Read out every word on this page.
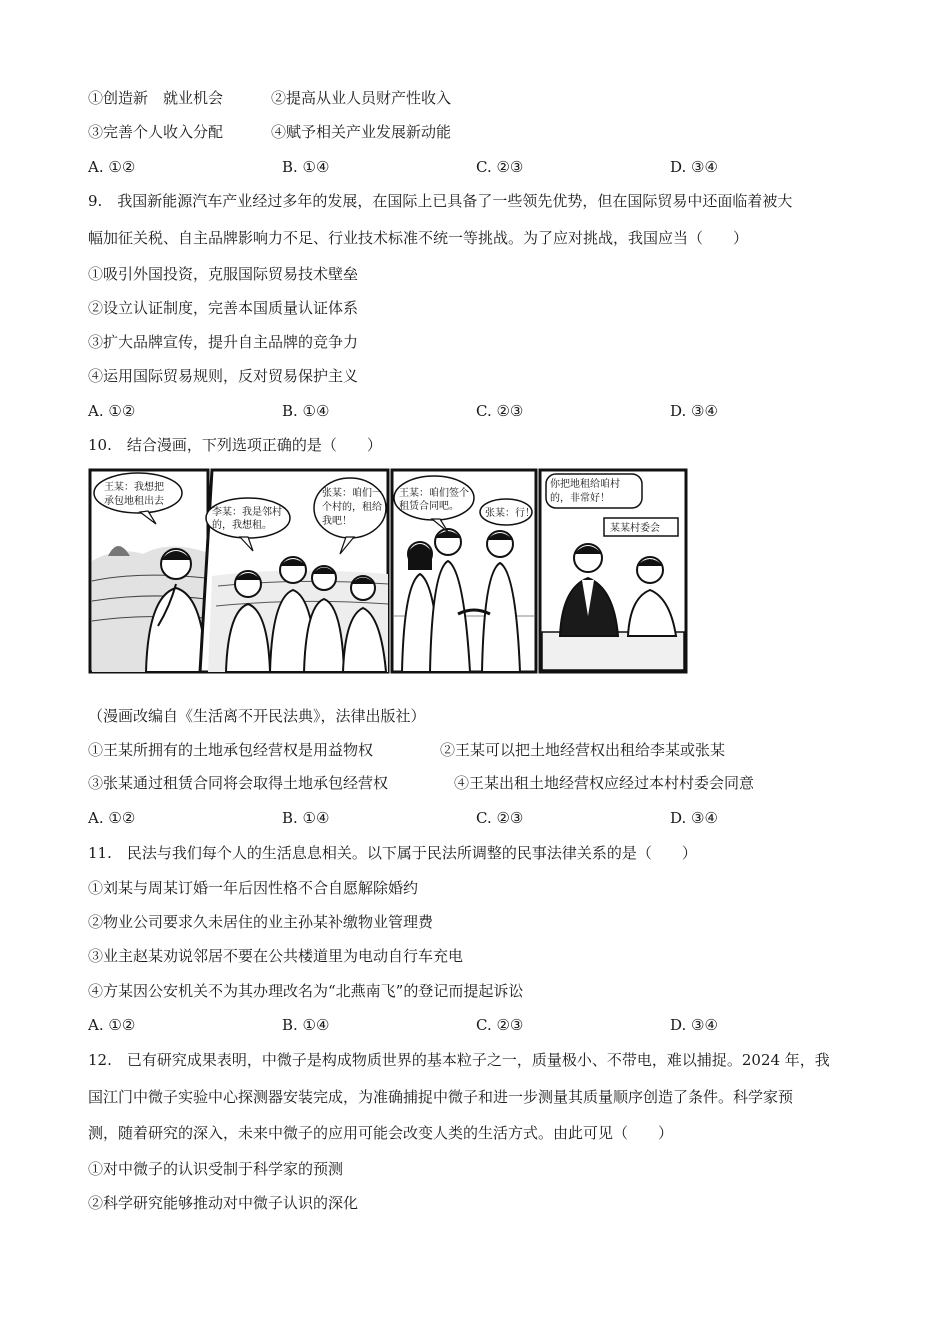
①创造新　就业机会	②提高从业人员财产性收入
③完善个人收入分配	④赋予相关产业发展新动能
A. ①②	B. ①④	C. ②③	D. ③④
9.　我国新能源汽车产业经过多年的发展，在国际上已具备了一些领先优势，但在国际贸易中还面临着被大
幅加征关税、自主品牌影响力不足、行业技术标准不统一等挑战。为了应对挑战，我国应当（　　）
①吸引外国投资，克服国际贸易技术壁垒
②设立认证制度，完善本国质量认证体系
③扩大品牌宣传，提升自主品牌的竞争力
④运用国际贸易规则，反对贸易保护主义
A. ①②	B. ①④	C. ②③	D. ③④
10.　结合漫画，下列选项正确的是（　　）
王某：我想把
承包地租出去
李某：我是邻村
的，我想租。
张某：咱们一
个村的，租给
我吧！
王某：咱们签个
租赁合同吧。
张某：行！
某某村委会
你把地租给咱村
的，非常好！
（漫画改编自《生活离不开民法典》，法律出版社）
①王某所拥有的土地承包经营权是用益物权	②王某可以把土地经营权出租给李某或张某
③张某通过租赁合同将会取得土地承包经营权	④王某出租土地经营权应经过本村村委会同意
A. ①②	B. ①④	C. ②③	D. ③④
11.　民法与我们每个人的生活息息相关。以下属于民法所调整的民事法律关系的是（　　）
①刘某与周某订婚一年后因性格不合自愿解除婚约
②物业公司要求久未居住的业主孙某补缴物业管理费
③业主赵某劝说邻居不要在公共楼道里为电动自行车充电
④方某因公安机关不为其办理改名为“北燕南飞”的登记而提起诉讼
A. ①②	B. ①④	C. ②③	D. ③④
12.　已有研究成果表明，中微子是构成物质世界的基本粒子之一，质量极小、不带电，难以捕捉。2024 年，我
国江门中微子实验中心探测器安装完成，为准确捕捉中微子和进一步测量其质量顺序创造了条件。科学家预
测，随着研究的深入，未来中微子的应用可能会改变人类的生活方式。由此可见（　　）
①对中微子的认识受制于科学家的预测
②科学研究能够推动对中微子认识的深化
